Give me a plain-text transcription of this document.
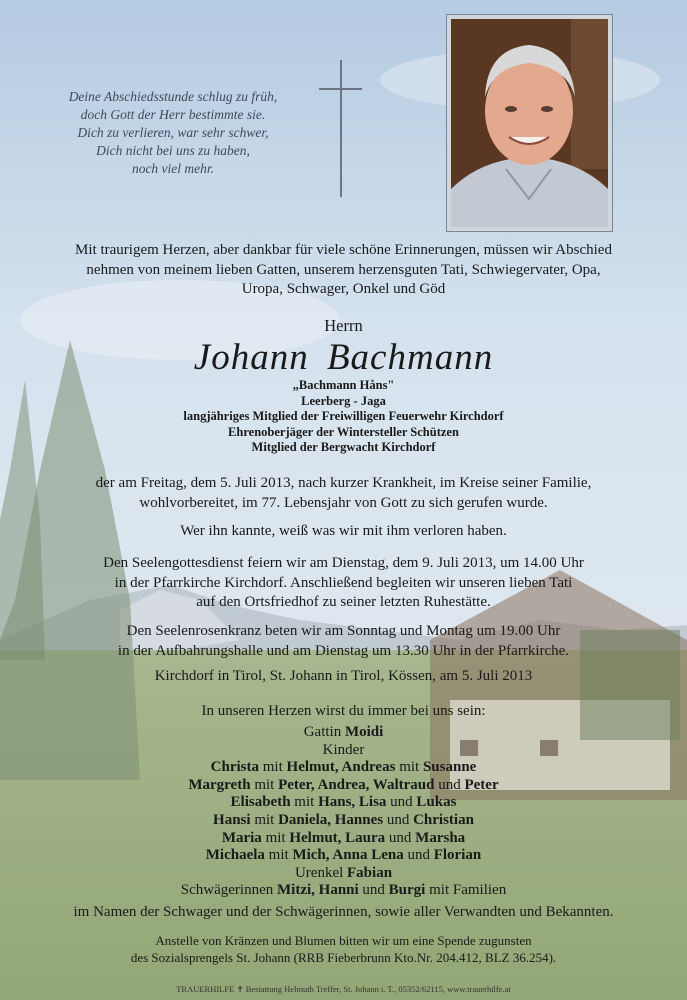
Deine Abschiedsstunde schlug zu früh,
doch Gott der Herr bestimmte sie.
Dich zu verlieren, war sehr schwer,
Dich nicht bei uns zu haben,
noch viel mehr.
Mit traurigem Herzen, aber dankbar für viele schöne Erinnerungen, müssen wir Abschied
nehmen von meinem lieben Gatten, unserem herzensguten Tati, Schwiegervater, Opa,
Uropa, Schwager, Onkel und Göd
Herrn
Johann Bachmann
„Bachmann Håns"
Leerberg - Jaga
langjähriges Mitglied der Freiwilligen Feuerwehr Kirchdorf
Ehrenoberjäger der Wintersteller Schützen
Mitglied der Bergwacht Kirchdorf
der am Freitag, dem 5. Juli 2013, nach kurzer Krankheit, im Kreise seiner Familie,
wohlvorbereitet, im 77. Lebensjahr von Gott zu sich gerufen wurde.
Wer ihn kannte, weiß was wir mit ihm verloren haben.
Den Seelengottesdienst feiern wir am Dienstag, dem 9. Juli 2013, um 14.00 Uhr
in der Pfarrkirche Kirchdorf. Anschließend begleiten wir unseren lieben Tati
auf den Ortsfriedhof zu seiner letzten Ruhestätte.
Den Seelenrosenkranz beten wir am Sonntag und Montag um 19.00 Uhr
in der Aufbahrungshalle und am Dienstag um 13.30 Uhr in der Pfarrkirche.
Kirchdorf in Tirol, St. Johann in Tirol, Kössen, am 5. Juli 2013
In unseren Herzen wirst du immer bei uns sein:
Gattin Moidi
Kinder
Christa mit Helmut, Andreas mit Susanne
Margreth mit Peter, Andrea, Waltraud und Peter
Elisabeth mit Hans, Lisa und Lukas
Hansi mit Daniela, Hannes und Christian
Maria mit Helmut, Laura und Marsha
Michaela mit Mich, Anna Lena und Florian
Urenkel Fabian
Schwägerinnen Mitzi, Hanni und Burgi mit Familien
im Namen der Schwager und der Schwägerinnen, sowie aller Verwandten und Bekannten.
Anstelle von Kränzen und Blumen bitten wir um eine Spende zugunsten
des Sozialsprengels St. Johann (RRB Fieberbrunn Kto.Nr. 204.412, BLZ 36.254).
TRAUERHILFE ✝ Bestattung Helmuth Treffer, St. Johann i. T., 05352/62115, www.trauerhilfe.at
